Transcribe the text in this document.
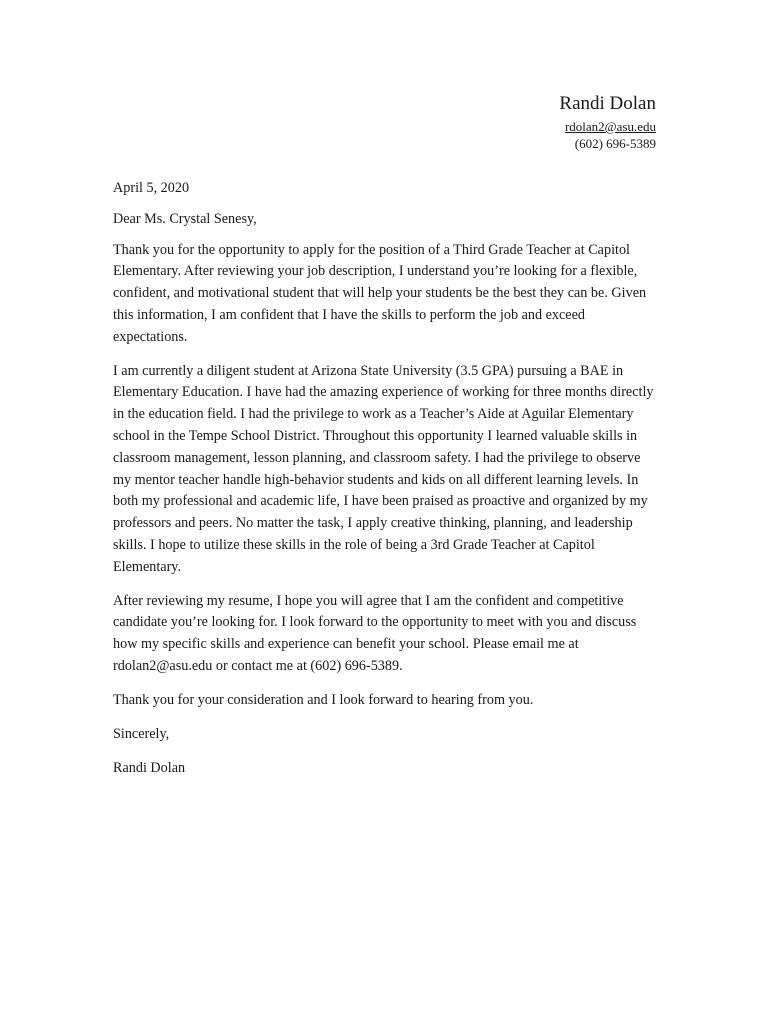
Randi Dolan

rdolan2@asu.edu

(602) 696-5389

April 5, 2020

Dear Ms. Crystal Senesy,

Thank you for the opportunity to apply for the position of a Third Grade Teacher at Capitol Elementary. After reviewing your job description, I understand you’re looking for a flexible, confident, and motivational student that will help your students be the best they can be. Given this information, I am confident that I have the skills to perform the job and exceed expectations.

I am currently a diligent student at Arizona State University (3.5 GPA) pursuing a BAE in Elementary Education. I have had the amazing experience of working for three months directly in the education field. I had the privilege to work as a Teacher’s Aide at Aguilar Elementary school in the Tempe School District. Throughout this opportunity I learned valuable skills in classroom management, lesson planning, and classroom safety. I had the privilege to observe my mentor teacher handle high-behavior students and kids on all different learning levels. In both my professional and academic life, I have been praised as proactive and organized by my professors and peers. No matter the task, I apply creative thinking, planning, and leadership skills. I hope to utilize these skills in the role of being a 3rd Grade Teacher at Capitol Elementary.

After reviewing my resume, I hope you will agree that I am the confident and competitive candidate you’re looking for. I look forward to the opportunity to meet with you and discuss how my specific skills and experience can benefit your school. Please email me at rdolan2@asu.edu or contact me at (602) 696-5389.

Thank you for your consideration and I look forward to hearing from you.

Sincerely,

Randi Dolan
